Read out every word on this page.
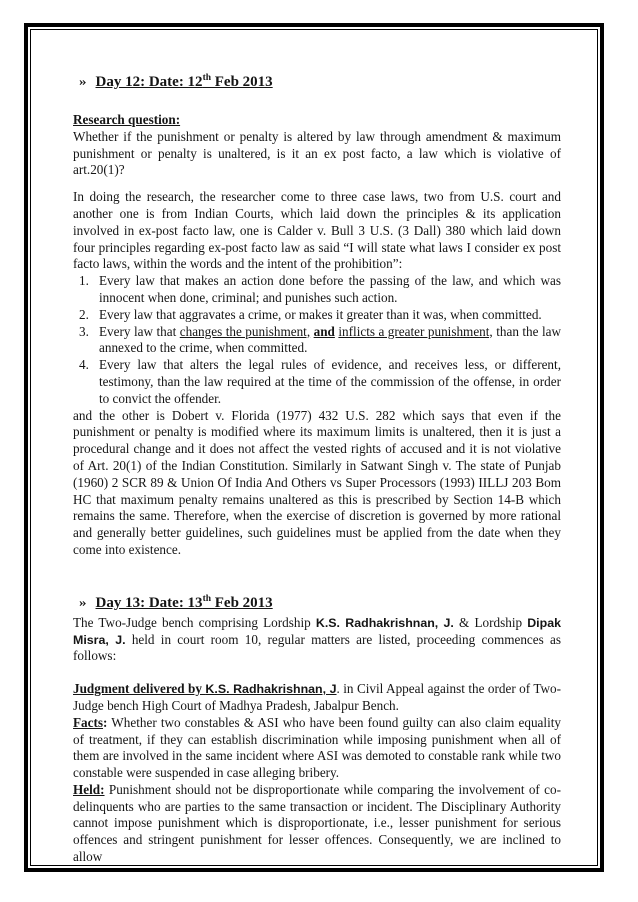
» Day 12: Date: 12th Feb 2013

Research question:

Whether if the punishment or penalty is altered by law through amendment & maximum punishment or penalty is unaltered, is it an ex post facto, a law which is violative of art.20(1)?

In doing the research, the researcher come to three case laws, two from U.S. court and another one is from Indian Courts, which laid down the principles & its application involved in ex-post facto law, one is Calder v. Bull 3 U.S. (3 Dall) 380 which laid down four principles regarding ex-post facto law as said “I will state what laws I consider ex post facto laws, within the words and the intent of the prohibition”:

1. Every law that makes an action done before the passing of the law, and which was innocent when done, criminal; and punishes such action.
2. Every law that aggravates a crime, or makes it greater than it was, when committed.
3. Every law that changes the punishment, and inflicts a greater punishment, than the law annexed to the crime, when committed.
4. Every law that alters the legal rules of evidence, and receives less, or different, testimony, than the law required at the time of the commission of the offense, in order to convict the offender.

and the other is Dobert v. Florida (1977) 432 U.S. 282 which says that even if the punishment or penalty is modified where its maximum limits is unaltered, then it is just a procedural change and it does not affect the vested rights of accused and it is not violative of Art. 20(1) of the Indian Constitution. Similarly in Satwant Singh v. The state of Punjab (1960) 2 SCR 89 & Union Of India And Others vs Super Processors (1993) IILLJ 203 Bom HC that maximum penalty remains unaltered as this is prescribed by Section 14-B which remains the same. Therefore, when the exercise of discretion is governed by more rational and generally better guidelines, such guidelines must be applied from the date when they come into existence.

» Day 13: Date: 13th Feb 2013

The Two-Judge bench comprising Lordship K.S. Radhakrishnan, J. & Lordship Dipak Misra, J. held in court room 10, regular matters are listed, proceeding commences as follows:

Judgment delivered by K.S. Radhakrishnan, J. in Civil Appeal against the order of Two-Judge bench High Court of Madhya Pradesh, Jabalpur Bench.

Facts: Whether two constables & ASI who have been found guilty can also claim equality of treatment, if they can establish discrimination while imposing punishment when all of them are involved in the same incident where ASI was demoted to constable rank while two constable were suspended in case alleging bribery.

Held: Punishment should not be disproportionate while comparing the involvement of co-delinquents who are parties to the same transaction or incident. The Disciplinary Authority cannot impose punishment which is disproportionate, i.e., lesser punishment for serious offences and stringent punishment for lesser offences. Consequently, we are inclined to allow
